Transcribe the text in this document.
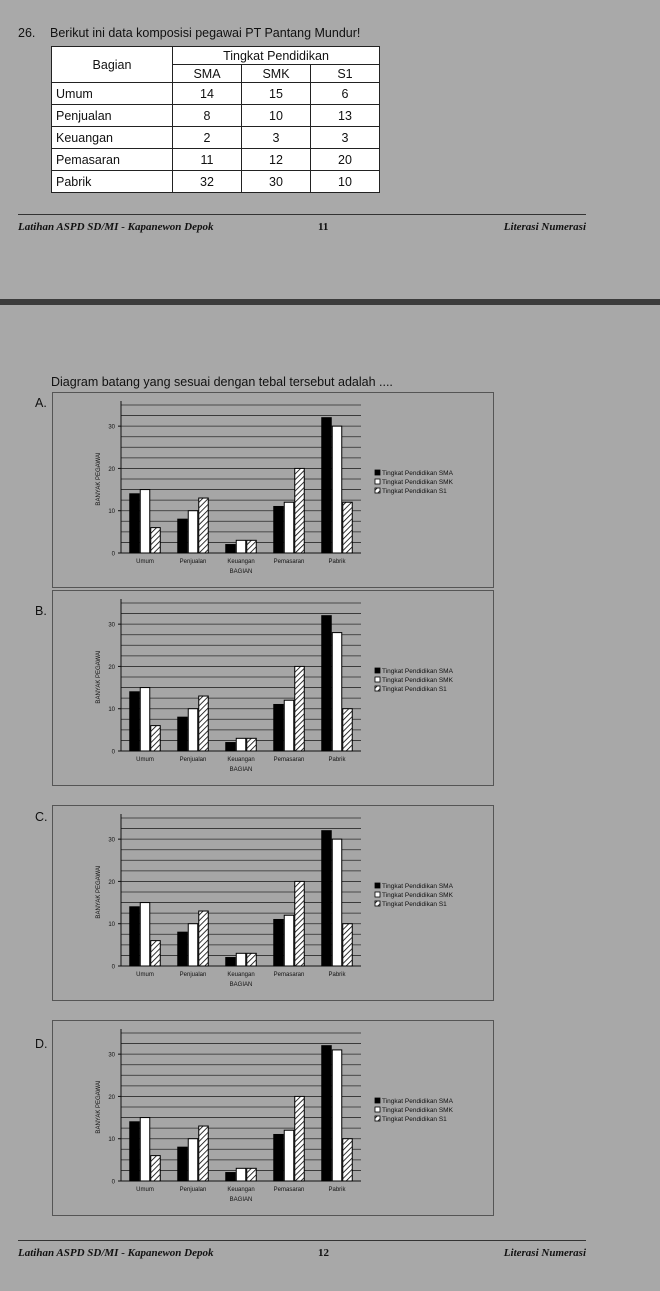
26. Berikut ini data komposisi pegawai PT Pantang Mundur!
Bagian	Tingkat Pendidikan		
	SMA	SMK	S1
Umum	14	15	6
Penjualan	8	10	13
Keuangan	2	3	3
Pemasaran	11	12	20
Pabrik	32	30	10
Latihan ASPD SD/MI - Kapanewon Depok	11	Literasi Numerasi
Diagram batang yang sesuai dengan tebal tersebut adalah ....
A.
0
10
20
30
BANYAK PEGAWAI
Umum	Penjualan	Keuangan	Pemasaran	Pabrik
BAGIAN
Tingkat Pendidikan SMA
Tingkat Pendidikan SMK
Tingkat Pendidikan S1
B.
0
10
20
30
BANYAK PEGAWAI
Umum	Penjualan	Keuangan	Pemasaran	Pabrik
BAGIAN
Tingkat Pendidikan SMA
Tingkat Pendidikan SMK
Tingkat Pendidikan S1
C.
0
10
20
30
BANYAK PEGAWAI
Umum	Penjualan	Keuangan	Pemasaran	Pabrik
BAGIAN
Tingkat Pendidikan SMA
Tingkat Pendidikan SMK
Tingkat Pendidikan S1
D.
0
10
20
30
BANYAK PEGAWAI
Umum	Penjualan	Keuangan	Pemasaran	Pabrik
BAGIAN
Tingkat Pendidikan SMA
Tingkat Pendidikan SMK
Tingkat Pendidikan S1
Latihan ASPD SD/MI - Kapanewon Depok	12	Literasi Numerasi
